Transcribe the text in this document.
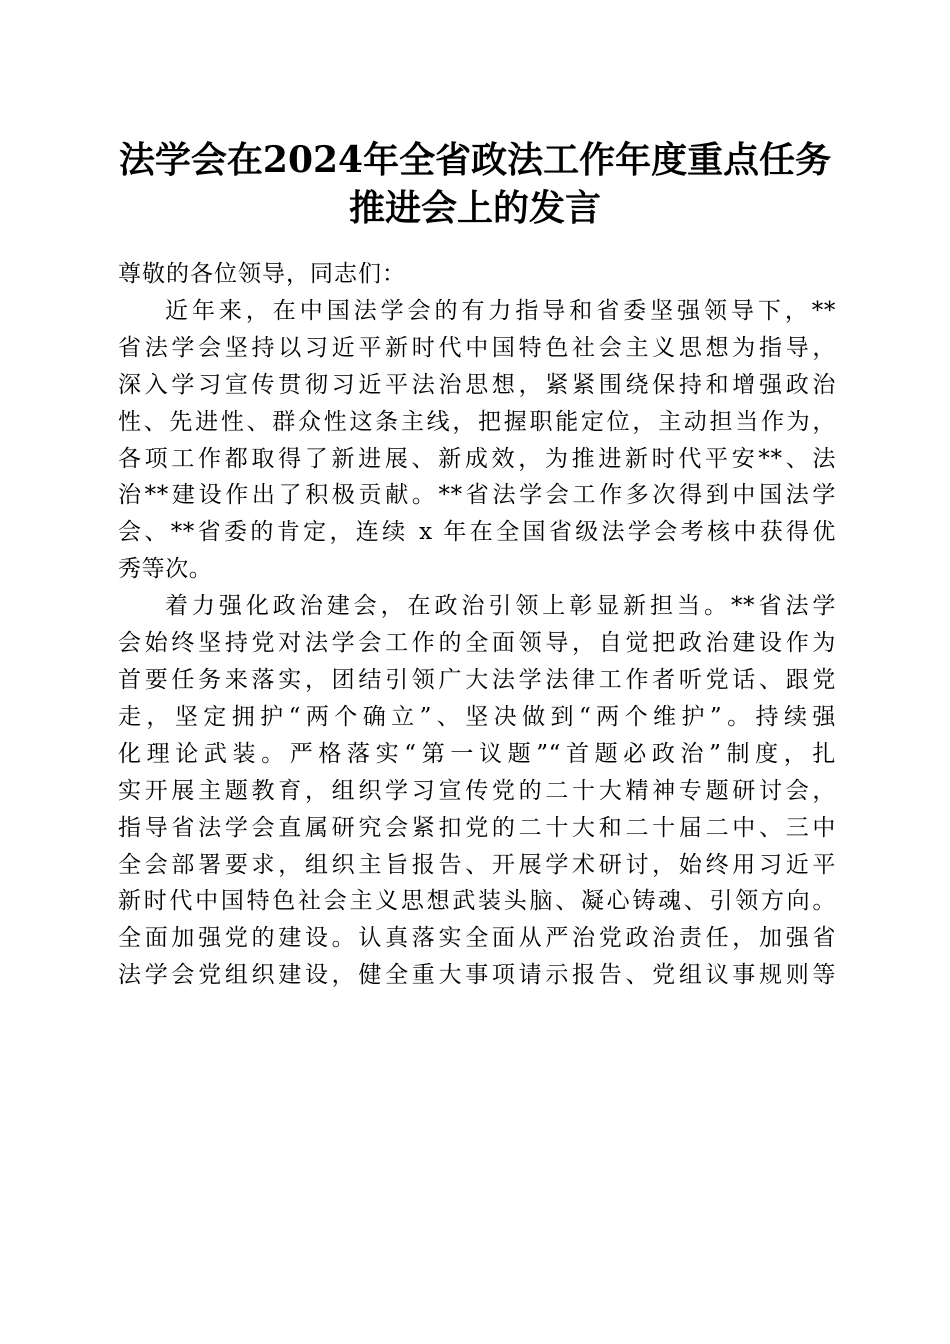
法学会在2024年全省政法工作年度重点任务
推进会上的发言
尊敬的各位领导，同志们：
近年来，在中国法学会的有力指导和省委坚强领导下，**
省法学会坚持以习近平新时代中国特色社会主义思想为指导，
深入学习宣传贯彻习近平法治思想，紧紧围绕保持和增强政治
性、先进性、群众性这条主线，把握职能定位，主动担当作为，
各项工作都取得了新进展、新成效，为推进新时代平安**、法
治**建设作出了积极贡献。**省法学会工作多次得到中国法学
会、**省委的肯定，连续 x 年在全国省级法学会考核中获得优
秀等次。
着力强化政治建会，在政治引领上彰显新担当。**省法学
会始终坚持党对法学会工作的全面领导，自觉把政治建设作为
首要任务来落实，团结引领广大法学法律工作者听党话、跟党
走，坚定拥护“两个确立”、坚决做到“两个维护”。持续强
化理论武装。严格落实“第一议题”“首题必政治”制度，扎
实开展主题教育，组织学习宣传党的二十大精神专题研讨会，
指导省法学会直属研究会紧扣党的二十大和二十届二中、三中
全会部署要求，组织主旨报告、开展学术研讨，始终用习近平
新时代中国特色社会主义思想武装头脑、凝心铸魂、引领方向。
全面加强党的建设。认真落实全面从严治党政治责任，加强省
法学会党组织建设，健全重大事项请示报告、党组议事规则等
